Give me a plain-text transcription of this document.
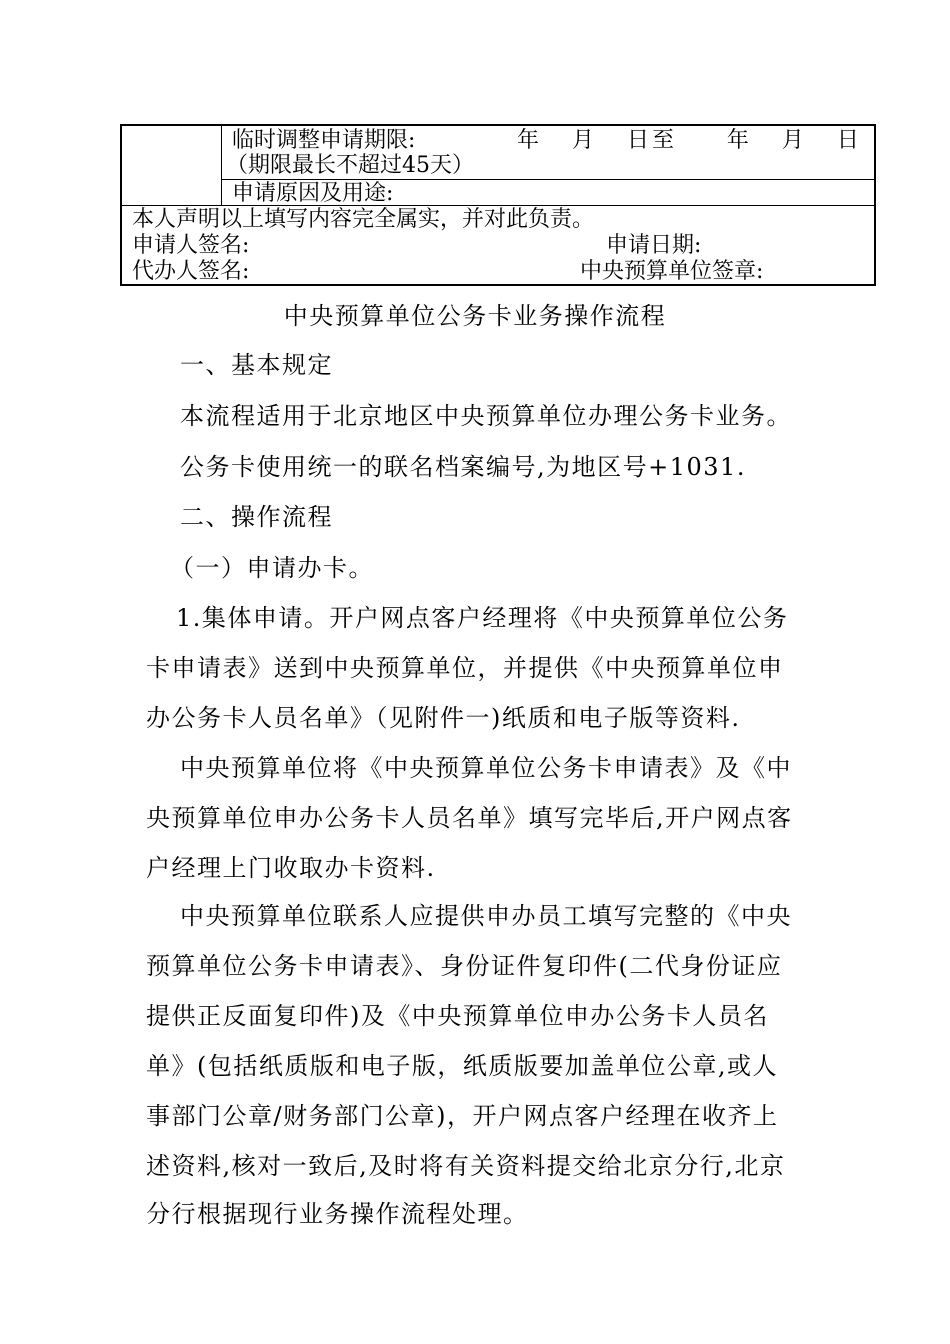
临时调整申请期限:	年   月   日至     年   月   日
（期限最长不超过45天）
申请原因及用途:
本人声明以上填写内容完全属实，并对此负责。
申请人签名:	申请日期:
代办人签名:	中央预算单位签章:
中央预算单位公务卡业务操作流程
一、基本规定
本流程适用于北京地区中央预算单位办理公务卡业务。
公务卡使用统一的联名档案编号,为地区号+1031.
二、操作流程
（一）申请办卡。
1.集体申请。开户网点客户经理将《中央预算单位公务
卡申请表》送到中央预算单位，并提供《中央预算单位申
办公务卡人员名单》（见附件一)纸质和电子版等资料.
中央预算单位将《中央预算单位公务卡申请表》及《中
央预算单位申办公务卡人员名单》填写完毕后,开户网点客
户经理上门收取办卡资料.
中央预算单位联系人应提供申办员工填写完整的《中央
预算单位公务卡申请表》、身份证件复印件(二代身份证应
提供正反面复印件)及《中央预算单位申办公务卡人员名
单》(包括纸质版和电子版，纸质版要加盖单位公章,或人
事部门公章/财务部门公章)，开户网点客户经理在收齐上
述资料,核对一致后,及时将有关资料提交给北京分行,北京
分行根据现行业务操作流程处理。
